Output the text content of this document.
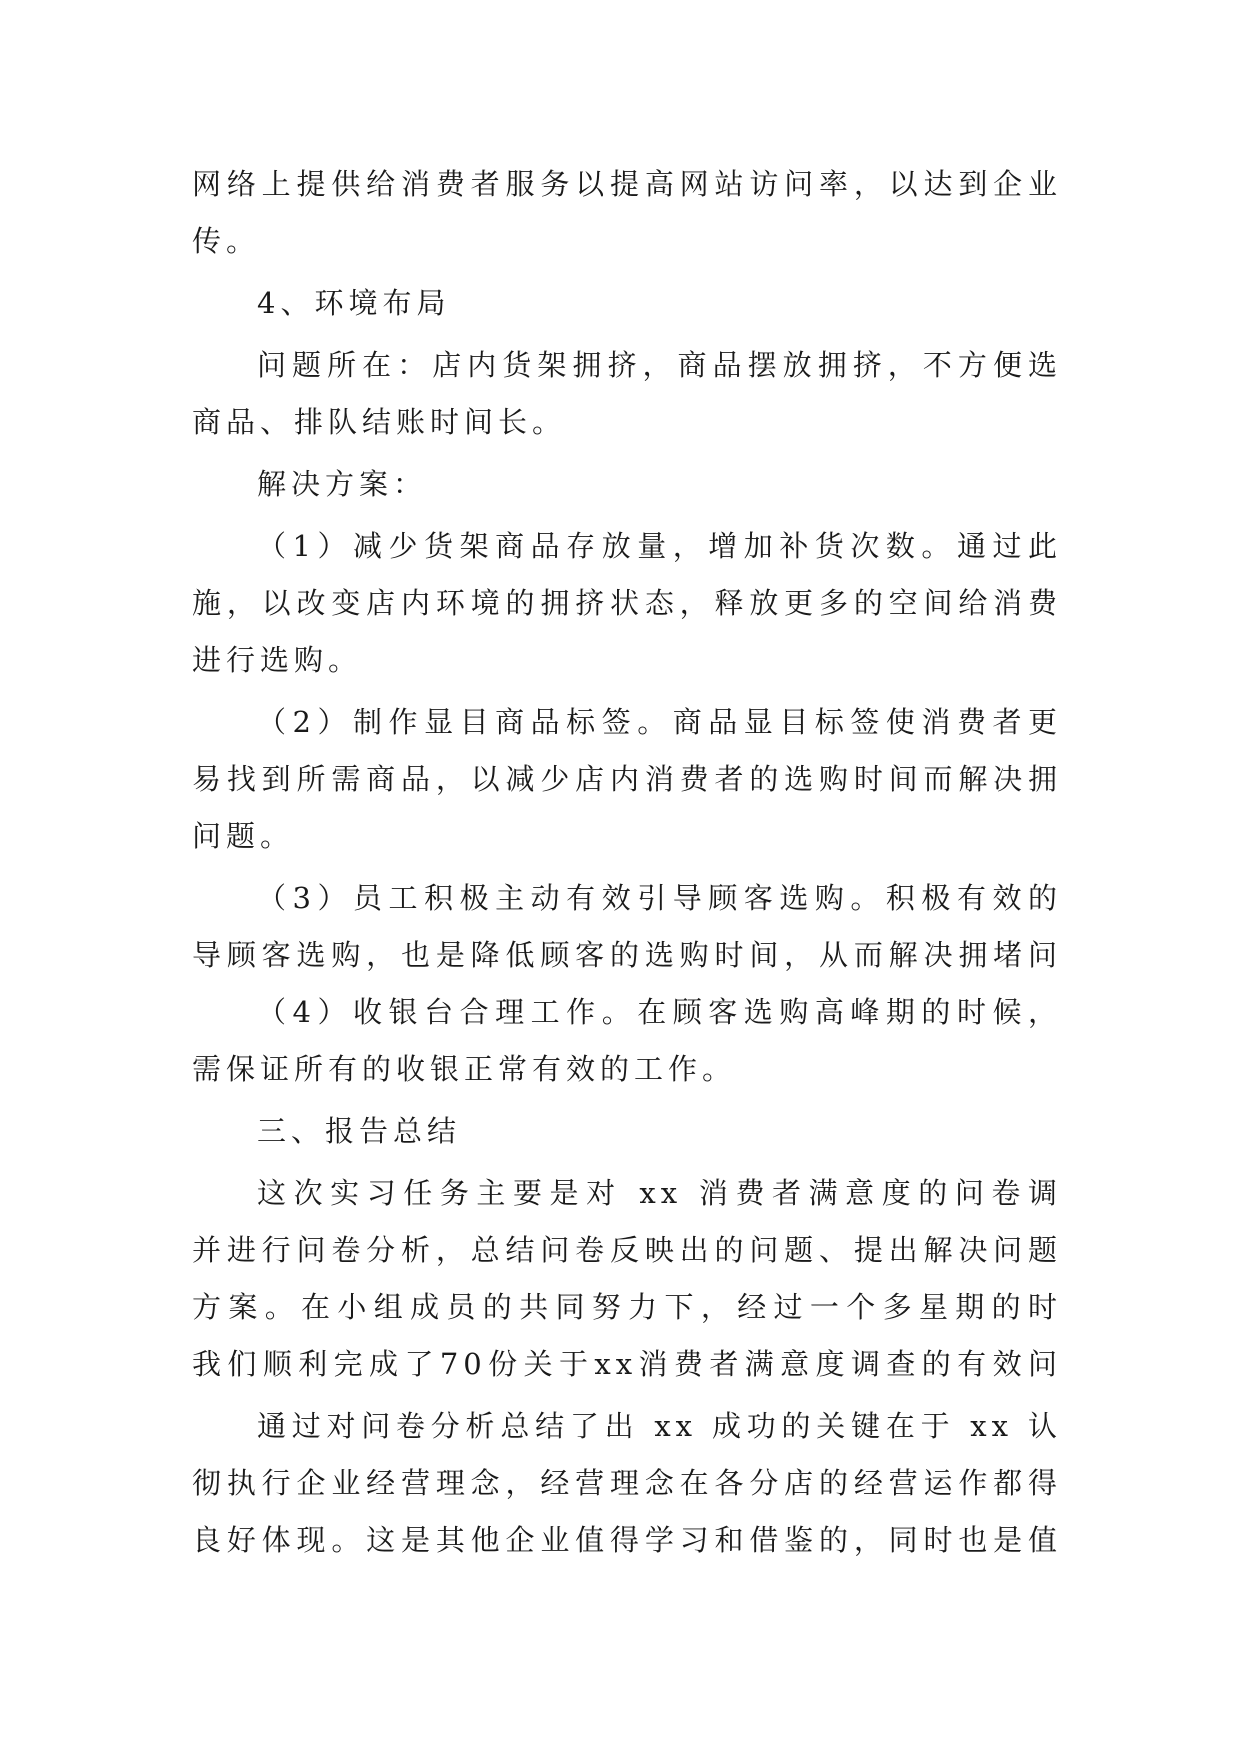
网络上提供给消费者服务以提高网站访问率，以达到企业
传。
4、环境布局
问题所在：店内货架拥挤，商品摆放拥挤，不方便选
商品、排队结账时间长。
解决方案：
（1）减少货架商品存放量，增加补货次数。通过此
施，以改变店内环境的拥挤状态，释放更多的空间给消费
进行选购。
（2）制作显目商品标签。商品显目标签使消费者更
易找到所需商品，以减少店内消费者的选购时间而解决拥
问题。
（3）员工积极主动有效引导顾客选购。积极有效的
导顾客选购，也是降低顾客的选购时间，从而解决拥堵问
（4）收银台合理工作。在顾客选购高峰期的时候，
需保证所有的收银正常有效的工作。
三、报告总结
这次实习任务主要是对 xx 消费者满意度的问卷调
并进行问卷分析，总结问卷反映出的问题、提出解决问题
方案。在小组成员的共同努力下，经过一个多星期的时
我们顺利完成了70份关于xx消费者满意度调查的有效问
通过对问卷分析总结了出 xx 成功的关键在于 xx 认
彻执行企业经营理念，经营理念在各分店的经营运作都得
良好体现。这是其他企业值得学习和借鉴的，同时也是值
